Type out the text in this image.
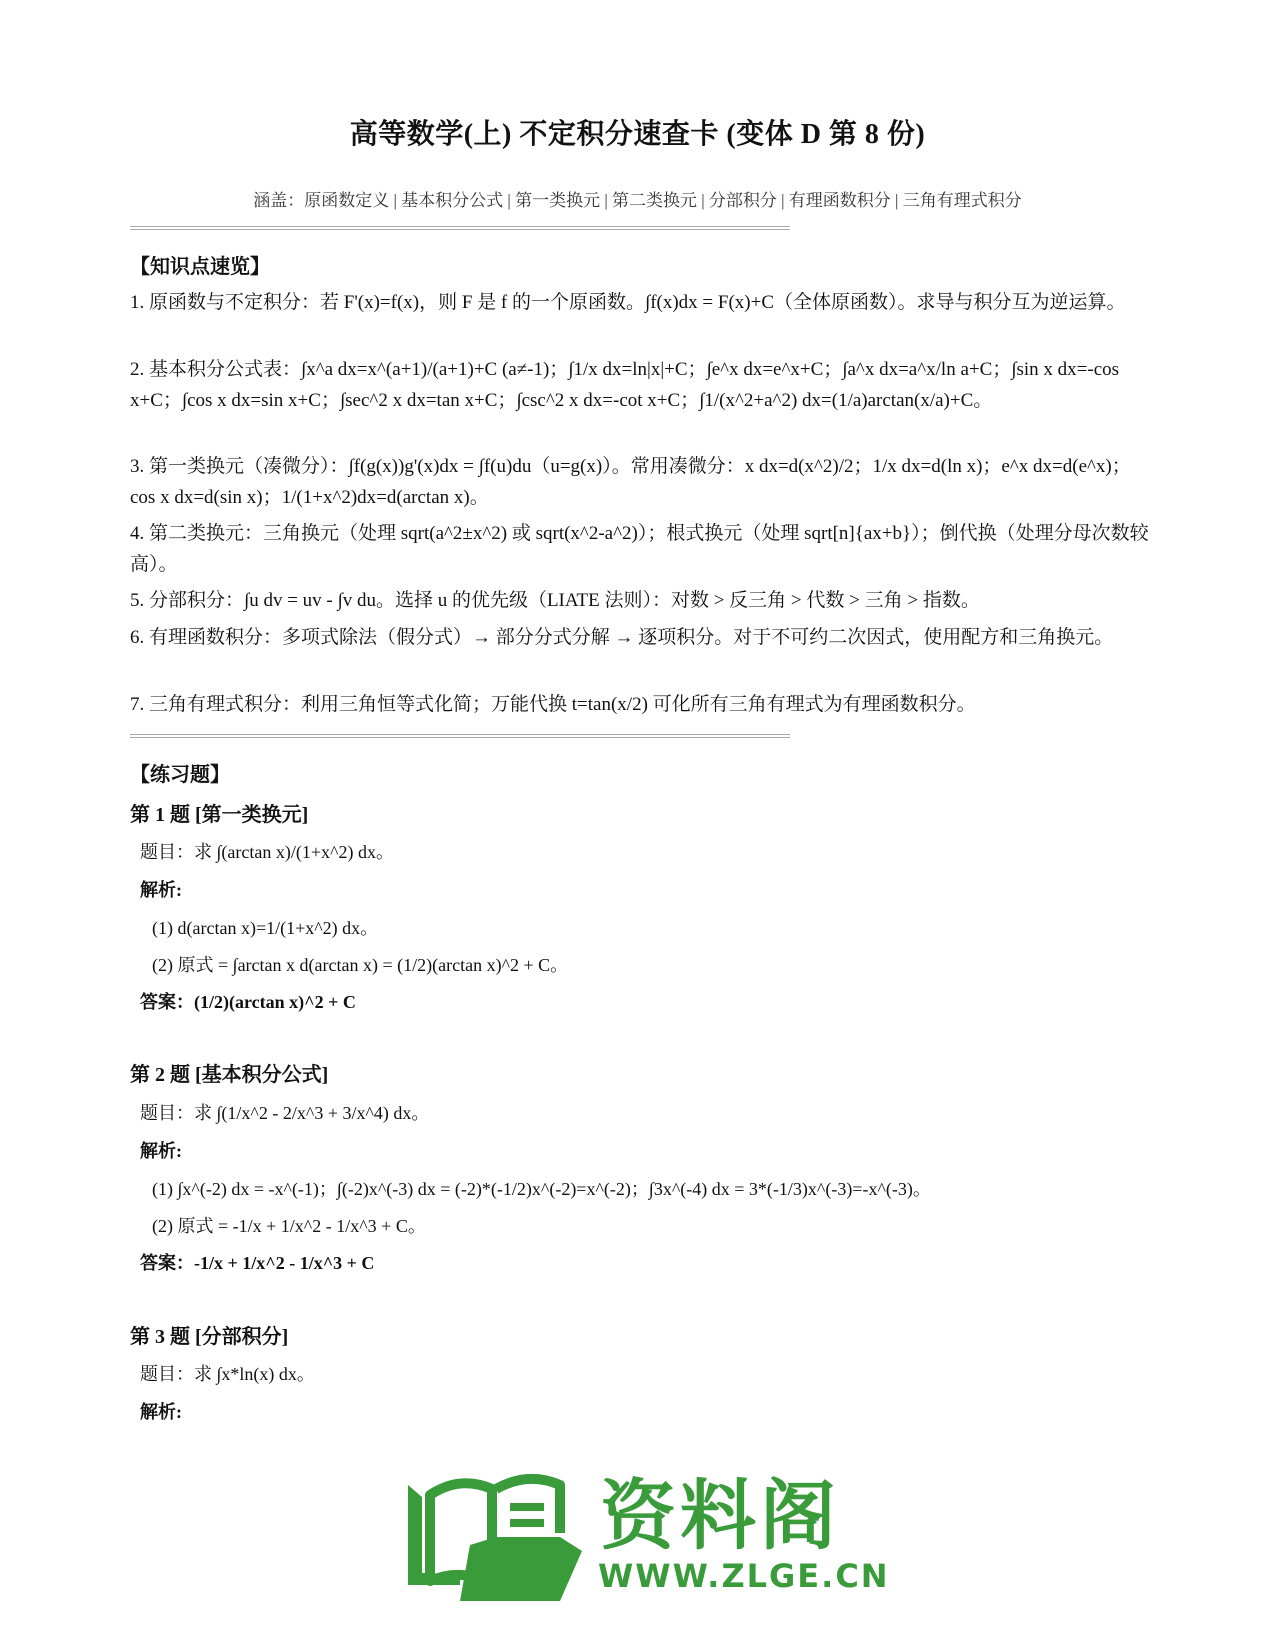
高等数学(上) 不定积分速查卡 (变体 D 第 8 份)
涵盖：原函数定义 | 基本积分公式 | 第一类换元 | 第二类换元 | 分部积分 | 有理函数积分 | 三角有理式积分
【知识点速览】
1. 原函数与不定积分：若 F'(x)=f(x)，则 F 是 f 的一个原函数。∫f(x)dx = F(x)+C（全体原函数）。求导与积分互为逆运算。
2. 基本积分公式表：∫x^a dx=x^(a+1)/(a+1)+C (a≠-1)；∫1/x dx=ln|x|+C；∫e^x dx=e^x+C；∫a^x dx=a^x/ln a+C；∫sin x dx=-cos x+C；∫cos x dx=sin x+C；∫sec^2 x dx=tan x+C；∫csc^2 x dx=-cot x+C；∫1/(x^2+a^2) dx=(1/a)arctan(x/a)+C。
3. 第一类换元（凑微分）：∫f(g(x))g'(x)dx = ∫f(u)du（u=g(x)）。常用凑微分：x dx=d(x^2)/2；1/x dx=d(ln x)；e^x dx=d(e^x)；cos x dx=d(sin x)；1/(1+x^2)dx=d(arctan x)。
4. 第二类换元：三角换元（处理 sqrt(a^2±x^2) 或 sqrt(x^2-a^2)）；根式换元（处理 sqrt[n]{ax+b}）；倒代换（处理分母次数较高）。
5. 分部积分：∫u dv = uv - ∫v du。选择 u 的优先级（LIATE 法则）：对数 > 反三角 > 代数 > 三角 > 指数。
6. 有理函数积分：多项式除法（假分式）→ 部分分式分解 → 逐项积分。对于不可约二次因式，使用配方和三角换元。
7. 三角有理式积分：利用三角恒等式化简；万能代换 t=tan(x/2) 可化所有三角有理式为有理函数积分。
【练习题】
第 1 题 [第一类换元]
题目：求 ∫(arctan x)/(1+x^2) dx。
解析:
(1) d(arctan x)=1/(1+x^2) dx。
(2) 原式 = ∫arctan x d(arctan x) = (1/2)(arctan x)^2 + C。
答案：(1/2)(arctan x)^2 + C
第 2 题 [基本积分公式]
题目：求 ∫(1/x^2 - 2/x^3 + 3/x^4) dx。
解析:
(1) ∫x^(-2) dx = -x^(-1)；∫(-2)x^(-3) dx = (-2)*(-1/2)x^(-2)=x^(-2)；∫3x^(-4) dx = 3*(-1/3)x^(-3)=-x^(-3)。
(2) 原式 = -1/x + 1/x^2 - 1/x^3 + C。
答案：-1/x + 1/x^2 - 1/x^3 + C
第 3 题 [分部积分]
题目：求 ∫x*ln(x) dx。
解析:
资料阁
WWW.ZLGE.CN
